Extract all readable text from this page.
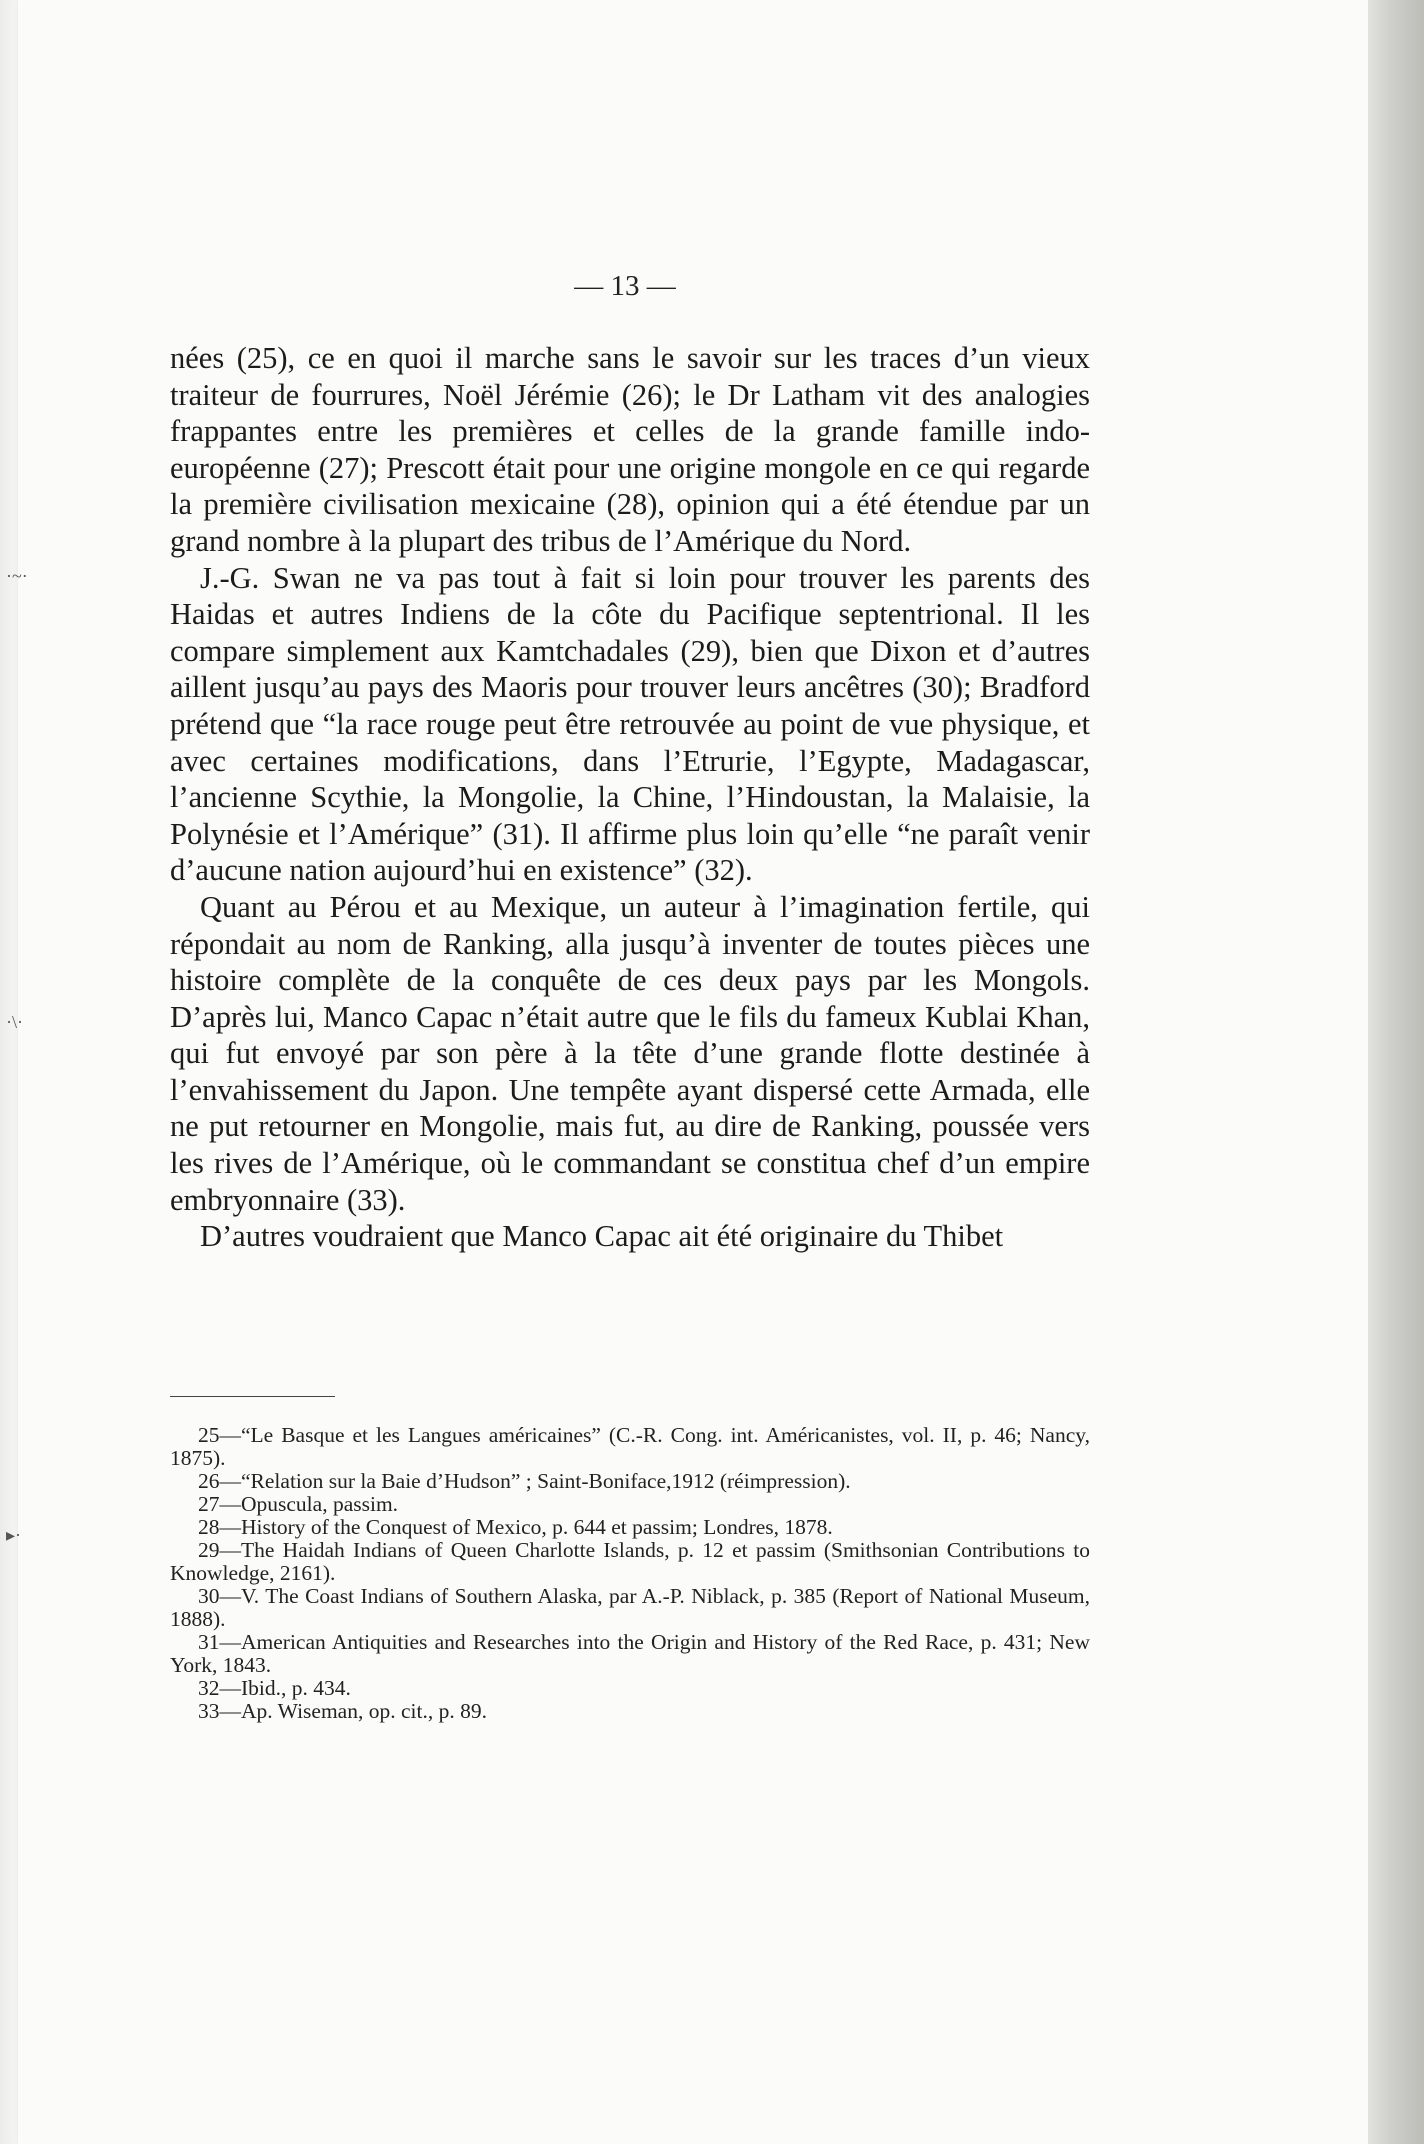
·~·
·\·
▸·
— 13 —

nées (25), ce en quoi il marche sans le savoir sur les traces d’un vieux traiteur de fourrures, Noël Jérémie (26); le Dr Latham vit des analogies frappantes entre les premières et celles de la grande famille indo-européenne (27); Prescott était pour une origine mongole en ce qui regarde la première civilisation mexicaine (28), opinion qui a été étendue par un grand nombre à la plupart des tribus de l’Amérique du Nord.

J.-G. Swan ne va pas tout à fait si loin pour trouver les parents des Haidas et autres Indiens de la côte du Pacifique septentrional. Il les compare simplement aux Kamtchadales (29), bien que Dixon et d’autres aillent jusqu’au pays des Maoris pour trouver leurs ancêtres (30); Bradford prétend que “la race rouge peut être retrouvée au point de vue physique, et avec certaines modifications, dans l’Etrurie, l’Egypte, Madagascar, l’ancienne Scythie, la Mongolie, la Chine, l’Hindoustan, la Malaisie, la Polynésie et l’Amérique” (31). Il affirme plus loin qu’elle “ne paraît venir d’aucune nation aujourd’hui en existence” (32).

Quant au Pérou et au Mexique, un auteur à l’imagination fertile, qui répondait au nom de Ranking, alla jusqu’à inventer de toutes pièces une histoire complète de la conquête de ces deux pays par les Mongols. D’après lui, Manco Capac n’était autre que le fils du fameux Kublai Khan, qui fut envoyé par son père à la tête d’une grande flotte destinée à l’envahissement du Japon. Une tempête ayant dispersé cette Armada, elle ne put retourner en Mongolie, mais fut, au dire de Ranking, poussée vers les rives de l’Amérique, où le commandant se constitua chef d’un empire embryonnaire (33).

D’autres voudraient que Manco Capac ait été originaire du Thibet

25—“Le Basque et les Langues américaines” (C.-R. Cong. int. Américanistes, vol. II, p. 46; Nancy, 1875).

26—“Relation sur la Baie d’Hudson” ; Saint-Boniface,1912 (réimpression).

27—Opuscula, passim.

28—History of the Conquest of Mexico, p. 644 et passim; Londres, 1878.

29—The Haidah Indians of Queen Charlotte Islands, p. 12 et passim (Smithsonian Contributions to Knowledge, 2161).

30—V. The Coast Indians of Southern Alaska, par A.-P. Niblack, p. 385 (Report of National Museum, 1888).

31—American Antiquities and Researches into the Origin and History of the Red Race, p. 431; New York, 1843.

32—Ibid., p. 434.

33—Ap. Wiseman, op. cit., p. 89.
